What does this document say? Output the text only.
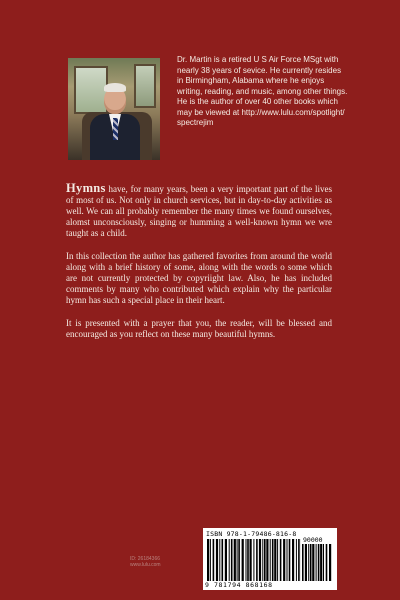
Dr. Martin is a retired U S Air Force MSgt with nearly 38 years of sevice. He currently resides in Birmingham, Alabama where he enjoys writing, reading, and music, among other things. He is the author of over 40 other books which may be viewed at http://www.lulu.com/spotlight/ spectrejim

Hymns have, for many years, been a very important part of the lives of most of us. Not only in church services, but in day-to-day activities as well. We can all probably remember the many times we found ourselves, alomst unconsciously, singing or humming a well-known hymn we wre taught as a child.

In this collection the author has gathered favorites from around the world along with a brief history of some, along with the words o some which are not currently protected by copyriight law. Also, he has included comments by many who contributed which explain why the particular hymn has such a special place in their heart.

It is presented with a prayer that you, the reader, will be blessed and encouraged as you reflect on these many beautiful hymns.

ID: 26184366
www.lulu.com
ISBN 978-1-79486-816-8
90000
9 781794 868168
